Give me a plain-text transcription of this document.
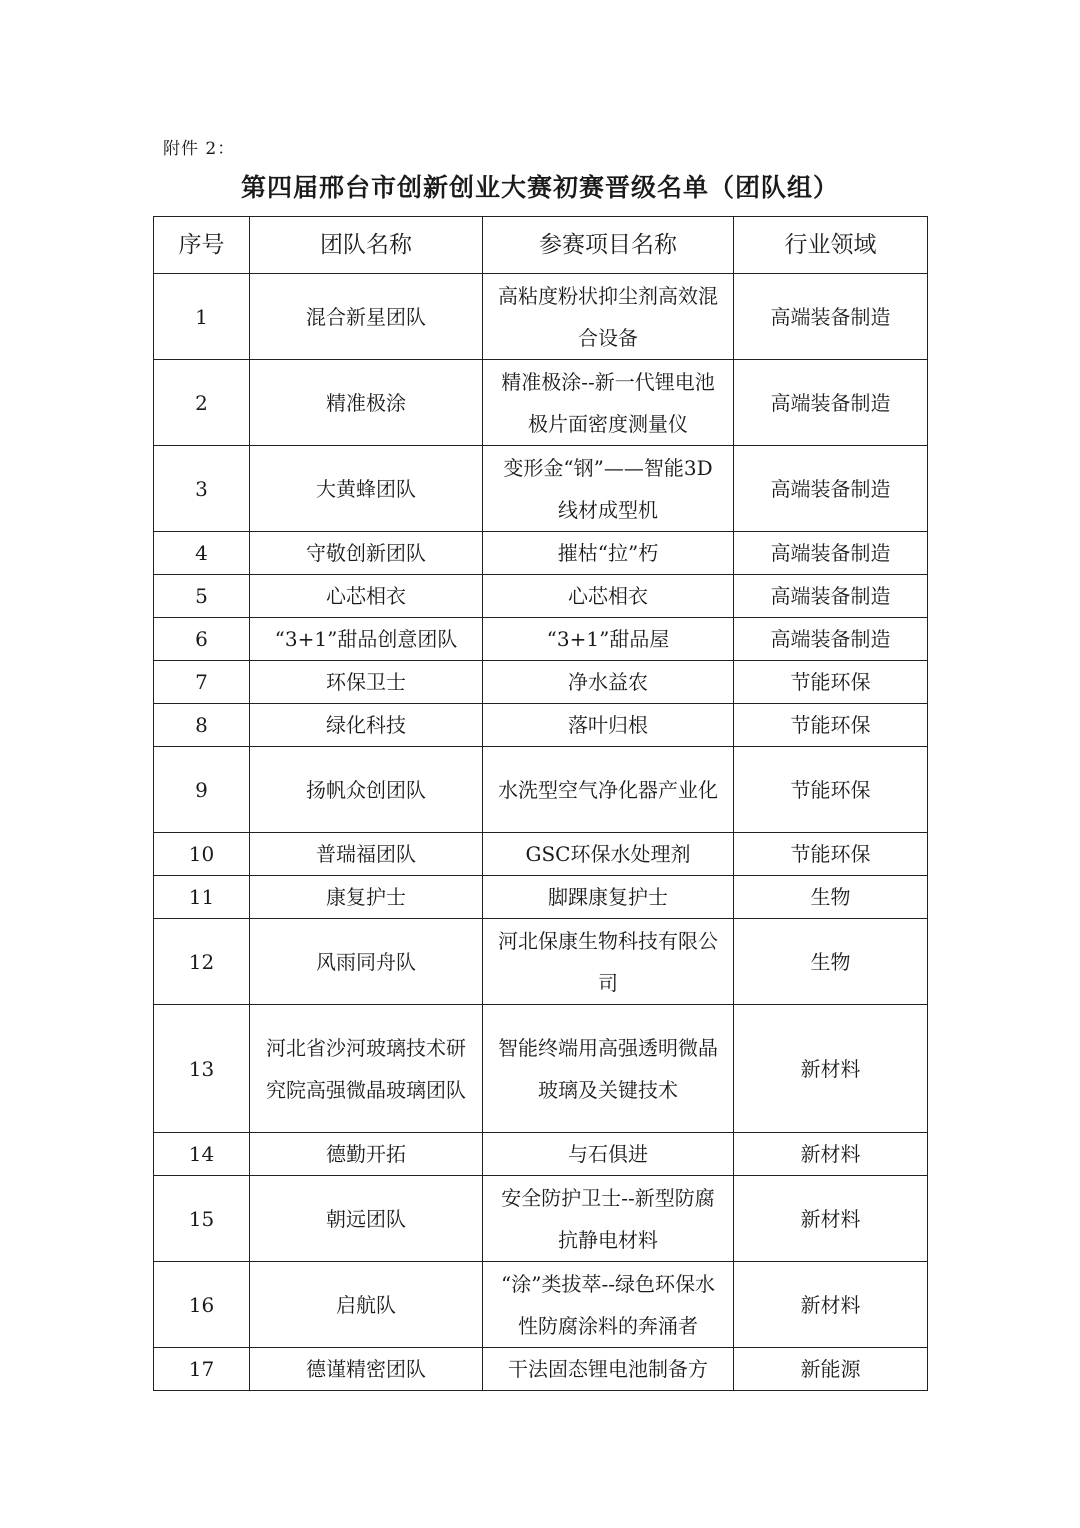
附件 2：
第四届邢台市创新创业大赛初赛晋级名单（团队组）
序号	团队名称	参赛项目名称	行业领域
1	混合新星团队	高粘度粉状抑尘剂高效混合设备	高端装备制造
2	精准极涂	精准极涂--新一代锂电池极片面密度测量仪	高端装备制造
3	大黄蜂团队	变形金“钢”——智能3D线材成型机	高端装备制造
4	守敬创新团队	摧枯“拉”朽	高端装备制造
5	心芯相衣	心芯相衣	高端装备制造
6	“3+1”甜品创意团队	“3+1”甜品屋	高端装备制造
7	环保卫士	净水益农	节能环保
8	绿化科技	落叶归根	节能环保
9	扬帆众创团队	水洗型空气净化器产业化	节能环保
10	普瑞福团队	GSC环保水处理剂	节能环保
11	康复护士	脚踝康复护士	生物
12	风雨同舟队	河北保康生物科技有限公司	生物
13	河北省沙河玻璃技术研究院高强微晶玻璃团队	智能终端用高强透明微晶玻璃及关键技术	新材料
14	德勤开拓	与石俱进	新材料
15	朝远团队	安全防护卫士--新型防腐抗静电材料	新材料
16	启航队	“涂”类拔萃--绿色环保水性防腐涂料的奔涌者	新材料
17	德谨精密团队	干法固态锂电池制备方	新能源
